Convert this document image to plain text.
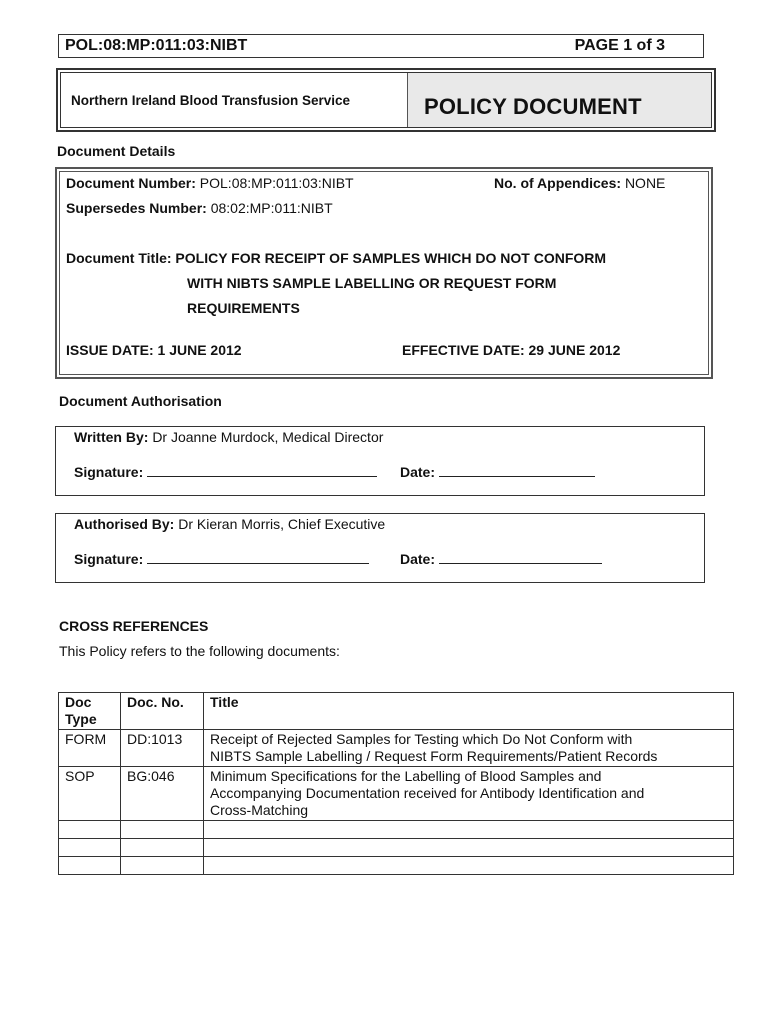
POL:08:MP:011:03:NIBT	PAGE 1 of 3
Northern Ireland Blood Transfusion Service	POLICY DOCUMENT
Document Details
Document Number: POL:08:MP:011:03:NIBT	No. of Appendices: NONE
Supersedes Number: 08:02:MP:011:NIBT
Document Title: POLICY FOR RECEIPT OF SAMPLES WHICH DO NOT CONFORM
WITH NIBTS SAMPLE LABELLING OR REQUEST FORM
REQUIREMENTS
ISSUE DATE: 1 JUNE 2012	EFFECTIVE DATE: 29 JUNE 2012
Document Authorisation
Written By: Dr Joanne Murdock, Medical Director
Signature:	Date:
Authorised By: Dr Kieran Morris, Chief Executive
Signature:	Date:
CROSS REFERENCES
This Policy refers to the following documents:
Doc
Type	Doc. No.	Title
FORM	DD:1013	Receipt of Rejected Samples for Testing which Do Not Conform with
NIBTS Sample Labelling / Request Form Requirements/Patient Records
SOP	BG:046	Minimum Specifications for the Labelling of Blood Samples and
Accompanying Documentation received for Antibody Identification and
Cross-Matching
